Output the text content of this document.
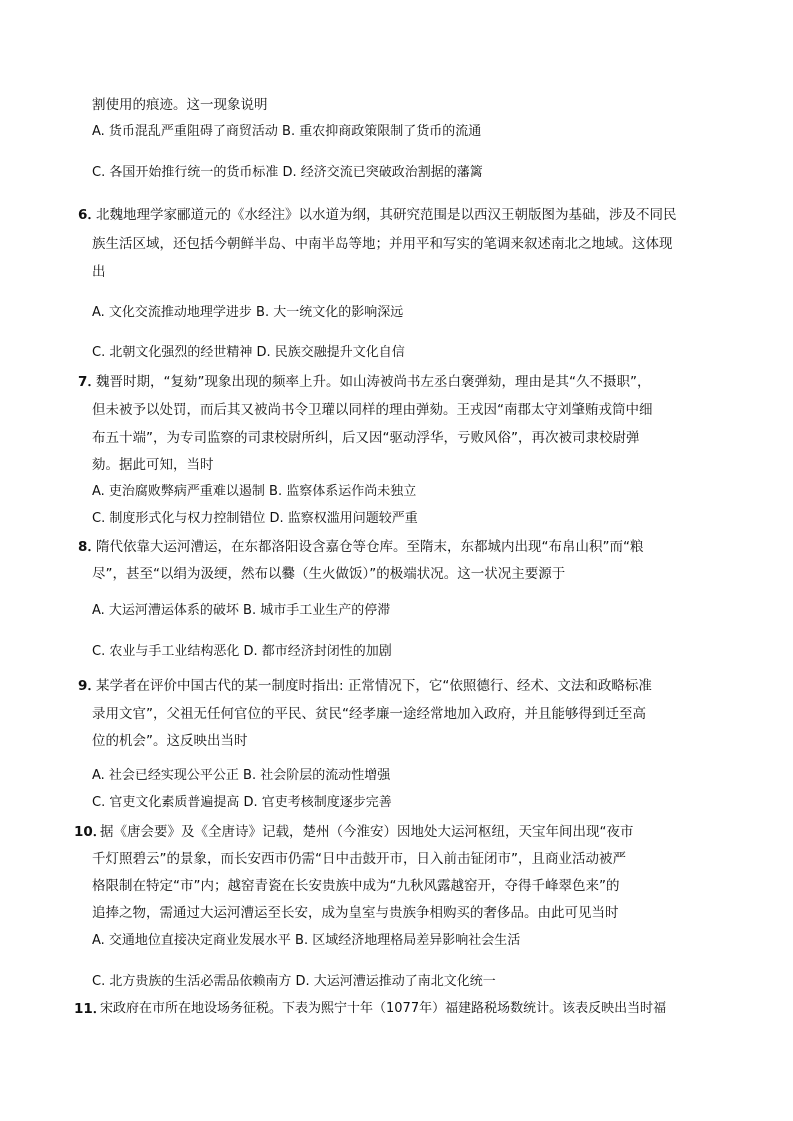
割使用的痕迹。这一现象说明
A. 货币混乱严重阻碍了商贸活动 B. 重农抑商政策限制了货币的流通
C. 各国开始推行统一的货币标准 D. 经济交流已突破政治割据的藩篱
6．
北魏地理学家郦道元的《水经注》以水道为纲，其研究范围是以西汉王朝版图为基础，涉及不同民
族生活区域，还包括今朝鲜半岛、中南半岛等地；并用平和写实的笔调来叙述南北之地域。这体现
出
A. 文化交流推动地理学进步 B. 大一统文化的影响深远
C. 北朝文化强烈的经世精神 D. 民族交融提升文化自信
7．
魏晋时期，“复劾”现象出现的频率上升。如山涛被尚书左丞白褒弹劾，理由是其“久不摄职”，
但未被予以处罚，而后其又被尚书令卫瓘以同样的理由弹劾。王戎因“南郡太守刘肇贿戎筒中细
布五十端”，为专司监察的司隶校尉所纠，后又因“驱动浮华，亏败风俗”，再次被司隶校尉弹
劾。据此可知，当时
A. 吏治腐败弊病严重难以遏制 B. 监察体系运作尚未独立
C. 制度形式化与权力控制错位 D. 监察权滥用问题较严重
8．
隋代依靠大运河漕运，在东都洛阳设含嘉仓等仓库。至隋末，东都城内出现“布帛山积”而“粮
尽”，甚至“以绢为汲绠，然布以爨（生火做饭）”的极端状况。这一状况主要源于
A. 大运河漕运体系的破坏 B. 城市手工业生产的停滞
C. 农业与手工业结构恶化 D. 都市经济封闭性的加剧
9．
某学者在评价中国古代的某一制度时指出: 正常情况下，它“依照德行、经术、文法和政略标准
录用文官”，父祖无任何官位的平民、贫民“经孝廉一途经常地加入政府，并且能够得到迁至高
位的机会”。这反映出当时
A. 社会已经实现公平公正 B. 社会阶层的流动性增强
C. 官吏文化素质普遍提高 D. 官吏考核制度逐步完善
10．
据《唐会要》及《全唐诗》记载，楚州（今淮安）因地处大运河枢纽，天宝年间出现“夜市
千灯照碧云”的景象，而长安西市仍需“日中击鼓开市，日入前击钲闭市”，且商业活动被严
格限制在特定“市”内；越窑青瓷在长安贵族中成为“九秋风露越窑开，夺得千峰翠色来”的
追捧之物，需通过大运河漕运至长安，成为皇室与贵族争相购买的奢侈品。由此可见当时
A. 交通地位直接决定商业发展水平 B. 区域经济地理格局差异影响社会生活
C. 北方贵族的生活必需品依赖南方 D. 大运河漕运推动了南北文化统一
11．
宋政府在市所在地设场务征税。下表为熙宁十年（1077年）福建路税场数统计。该表反映出当时福
